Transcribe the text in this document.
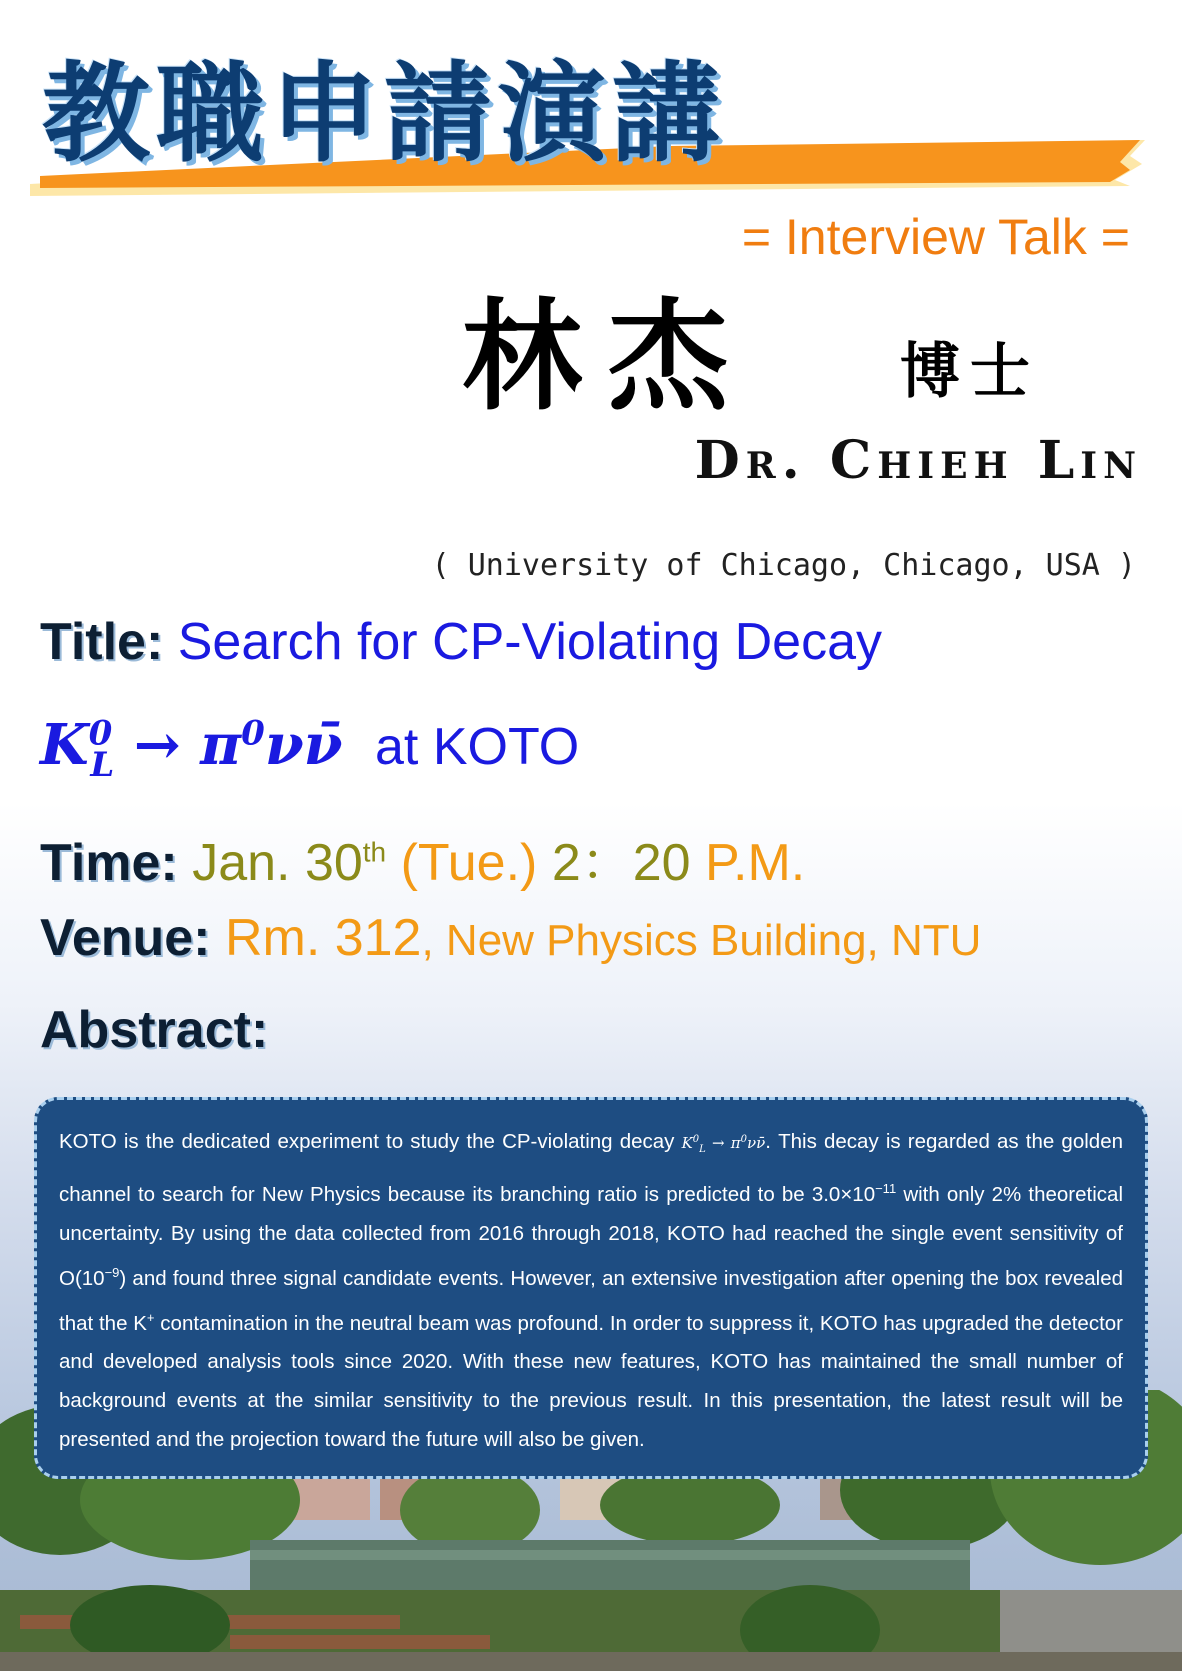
教職申請演講
= Interview Talk =
林杰 博士
Dr. Chieh Lin
( University of Chicago, Chicago, USA )
Title: Search for CP-Violating Decay
$K^0_L$ → $\pi^0\nu\nū$ at KOTO
Time: Jan. 30th (Tue.) 2：20 P.M.
Venue: Rm. 312, New Physics Building, NTU
Abstract:

KOTO is the dedicated experiment to study the CP-violating decay $K^0_L$ → $\pi^0\nu\nū$. This decay is regarded as the golden channel to search for New Physics because its branching ratio is predicted to be $3.0\times 10^{-11}$ with only 2% theoretical uncertainty. By using the data collected from 2016 through 2018, KOTO had reached the single event sensitivity of $O(10^{-9})$ and found three signal candidate events. However, an extensive investigation after opening the box revealed that the K+ contamination in the neutral beam was profound. In order to suppress it, KOTO has upgraded the detector and developed analysis tools since 2020. With these new features, KOTO has maintained the small number of background events at the similar sensitivity to the previous result. In this presentation, the latest result will be presented and the projection toward the future will also be given.
